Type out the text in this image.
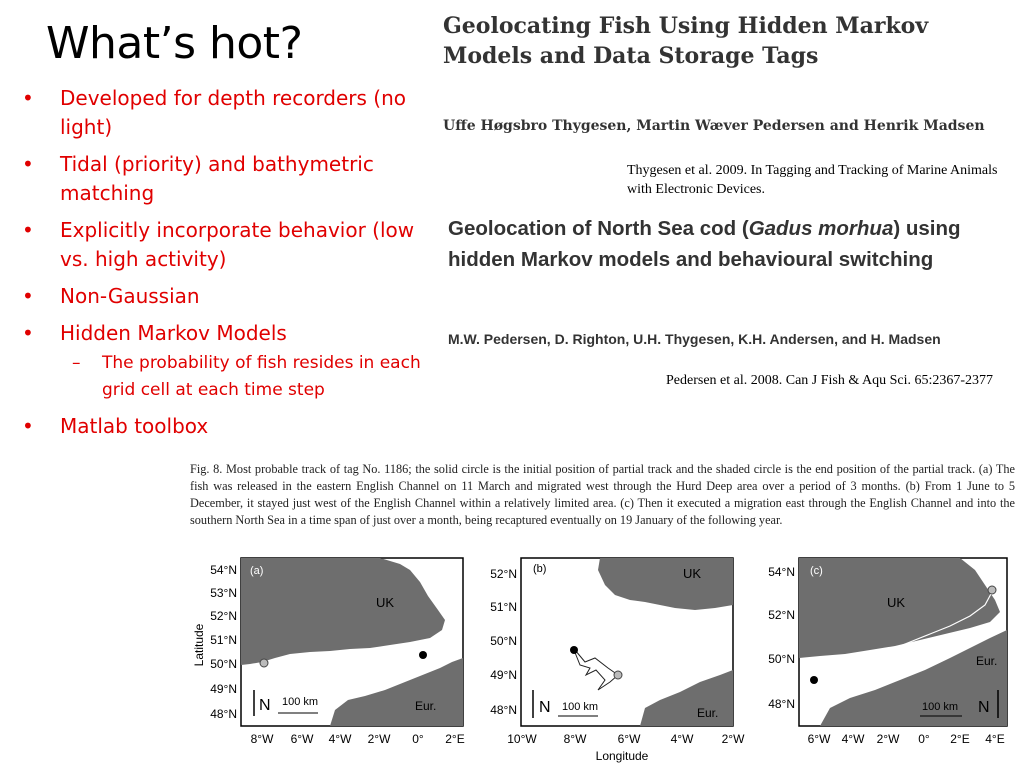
What’s hot?
• Developed for depth recorders (no light)
• Tidal (priority) and bathymetric matching
• Explicitly incorporate behavior (low vs. high activity)
• Non-Gaussian
• Hidden Markov Models
– The probability of fish resides in each grid cell at each time step
• Matlab toolbox
Geolocating Fish Using Hidden Markov Models and Data Storage Tags
Uffe Høgsbro Thygesen, Martin Wæver Pedersen and Henrik Madsen
Thygesen et al. 2009. In Tagging and Tracking of Marine Animals with Electronic Devices.
Geolocation of North Sea cod (Gadus morhua) using hidden Markov models and behavioural switching
M.W. Pedersen, D. Righton, U.H. Thygesen, K.H. Andersen, and H. Madsen
Pedersen et al. 2008. Can J Fish & Aqu Sci. 65:2367-2377
Fig. 8. Most probable track of tag No. 1186; the solid circle is the initial position of partial track and the shaded circle is the end position of the partial track. (a) The fish was released in the eastern English Channel on 11 March and migrated west through the Hurd Deep area over a period of 3 months. (b) From 1 June to 5 December, it stayed just west of the English Channel within a relatively limited area. (c) Then it executed a migration east through the English Channel and into the southern North Sea in a time span of just over a month, being recaptured eventually on 19 January of the following year.
Latitude
Longitude
(a)
UK
Eur.
N 100 km
54°N
53°N
52°N
51°N
50°N
49°N
48°N
8°W 6°W 4°W 2°W 0° 2°E
(b)	UK
Eur.
N 100 km
52°N
51°N
50°N
49°N
48°N
10°W 8°W	6°W	4°W 2°W
(c)
UK
Eur.
N
100 km
54°N
52°N
50°N
48°N
6°W 4°W 2°W 0° 2°E 4°E
